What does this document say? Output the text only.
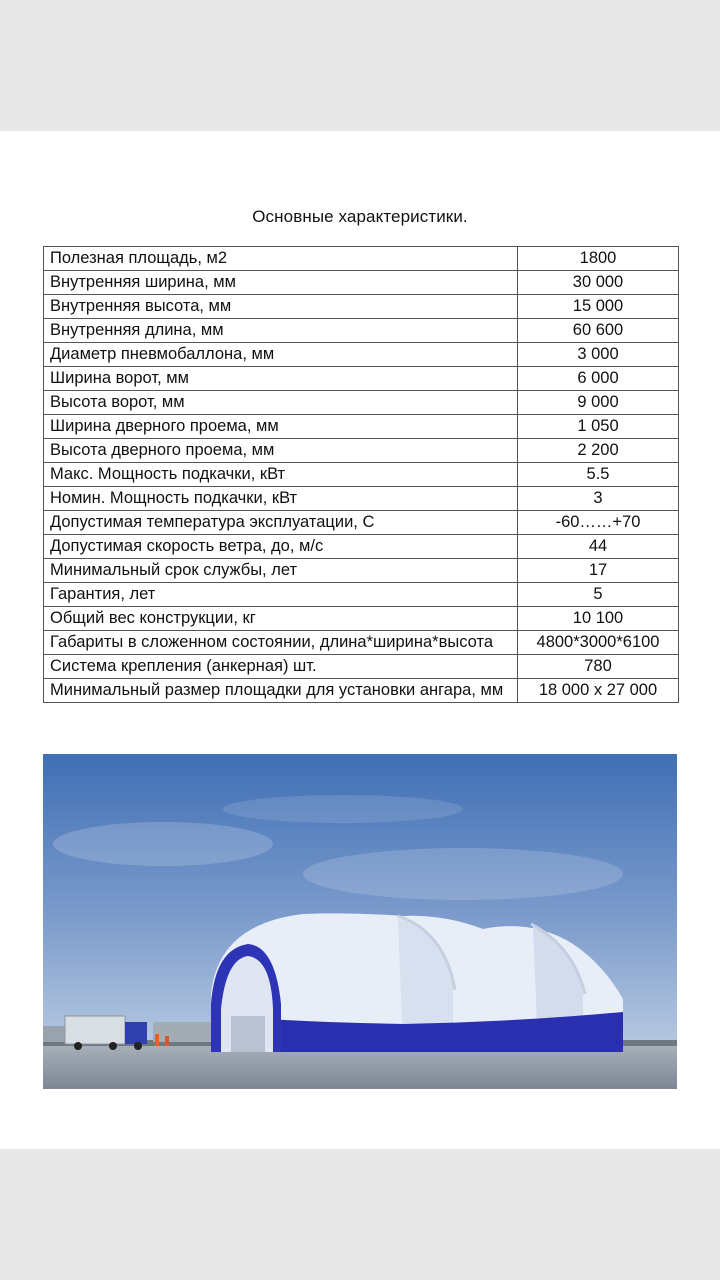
Основные характеристики.
Полезная площадь, м2	1800
Внутренняя ширина, мм	30 000
Внутренняя высота, мм	15 000
Внутренняя длина, мм	60 600
Диаметр пневмобаллона, мм	3 000
Ширина ворот, мм	6 000
Высота ворот, мм	9 000
Ширина дверного проема, мм	1 050
Высота дверного проема, мм	2 200
Макс. Мощность подкачки, кВт	5.5
Номин. Мощность подкачки, кВт	3
Допустимая температура эксплуатации, С	-60……+70
Допустимая скорость ветра, до, м/с	44
Минимальный срок службы, лет	17
Гарантия, лет	5
Общий вес конструкции, кг	10 100
Габариты в сложенном состоянии, длина*ширина*высота	4800*3000*6100
Система крепления (анкерная) шт.	780
Минимальный размер площадки для установки ангара, мм	18 000 х 27 000
